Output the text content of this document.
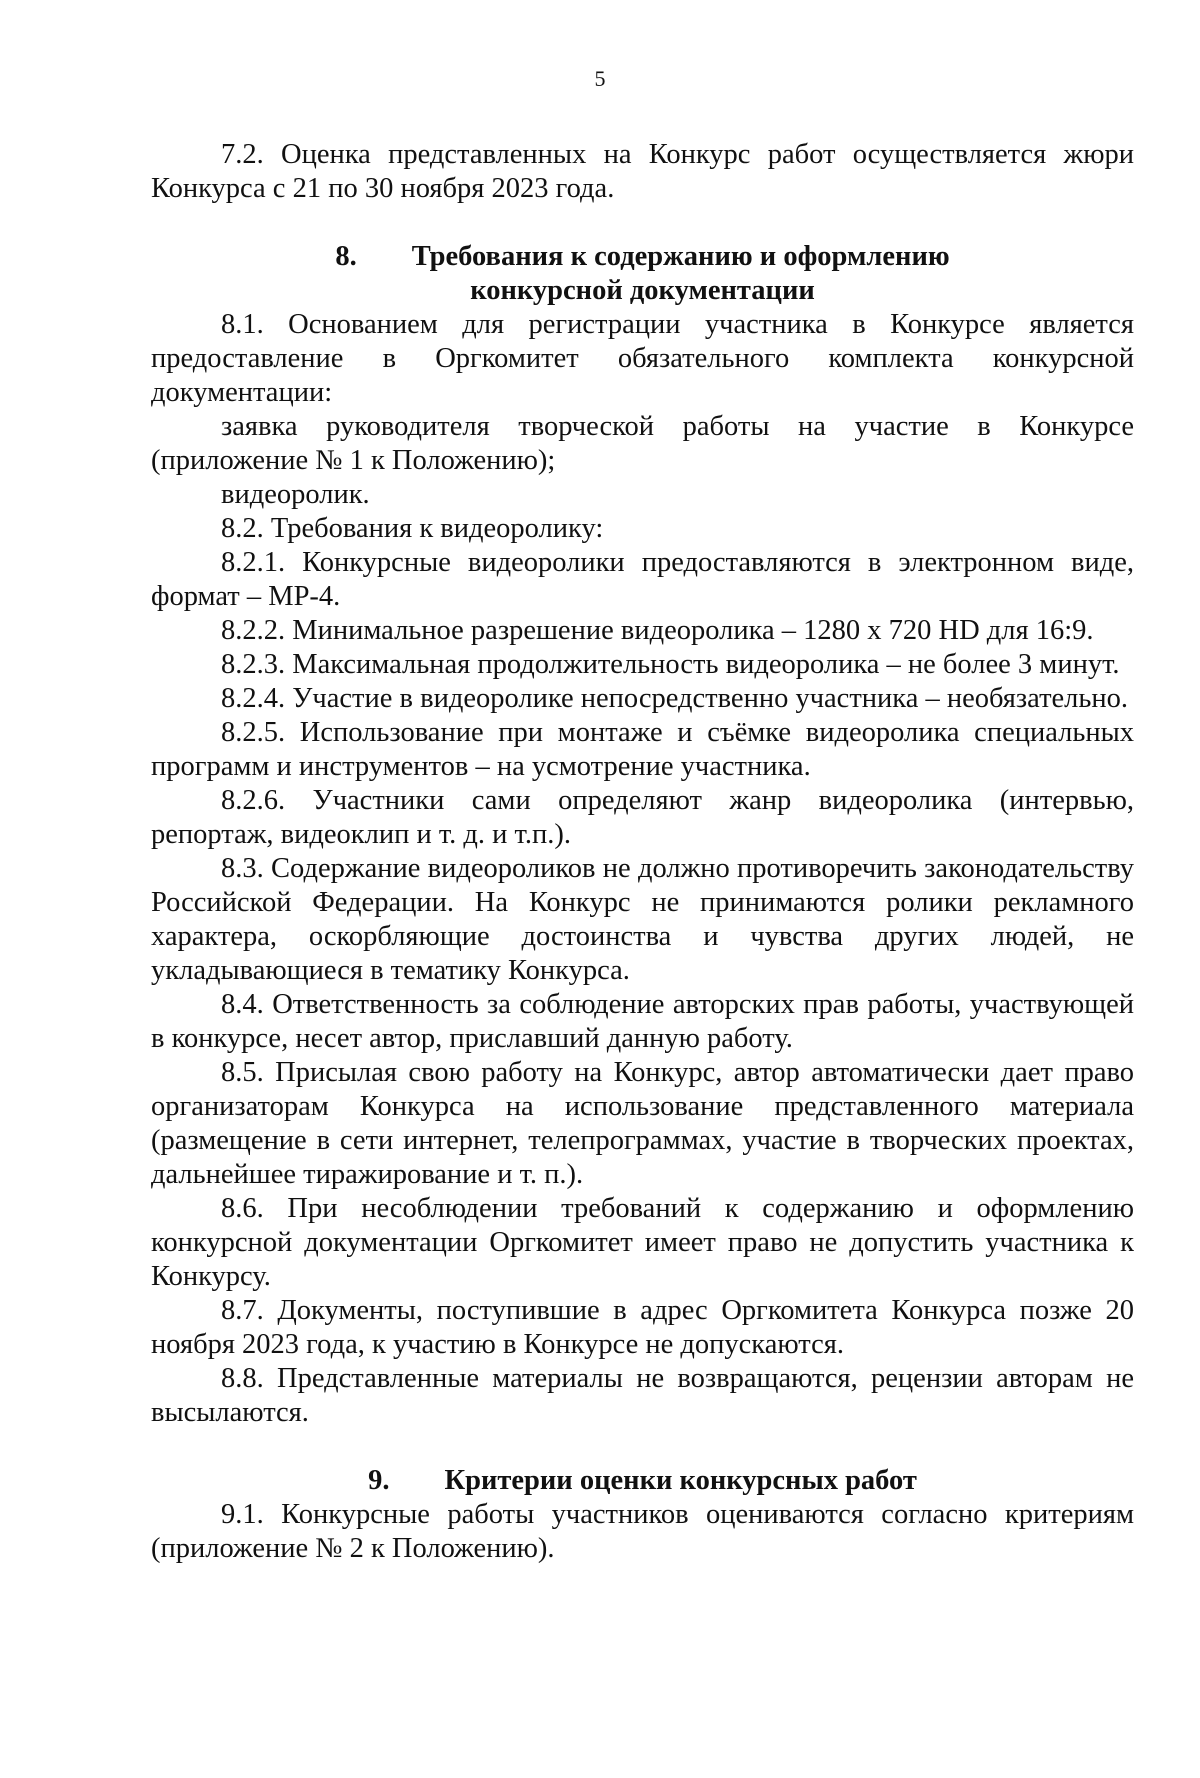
5

7.2. Оценка представленных на Конкурс работ осуществляется жюри Конкурса с 21 по 30 ноября 2023 года.

8. Требования к содержанию и оформлению

конкурсной документации

8.1. Основанием для регистрации участника в Конкурсе является предоставление в Оргкомитет обязательного комплекта конкурсной документации:

заявка руководителя творческой работы на участие в Конкурсе (приложение № 1 к Положению);

видеоролик.

8.2. Требования к видеоролику:

8.2.1. Конкурсные видеоролики предоставляются в электронном виде, формат – МР-4.

8.2.2. Минимальное разрешение видеоролика – 1280 х 720 HD для 16:9.

8.2.3. Максимальная продолжительность видеоролика – не более 3 минут.

8.2.4. Участие в видеоролике непосредственно участника – необязательно.

8.2.5. Использование при монтаже и съёмке видеоролика специальных программ и инструментов – на усмотрение участника.

8.2.6. Участники сами определяют жанр видеоролика (интервью, репортаж, видеоклип и т. д. и т.п.).

8.3. Содержание видеороликов не должно противоречить законодательству Российской Федерации. На Конкурс не принимаются ролики рекламного характера, оскорбляющие достоинства и чувства других людей, не укладывающиеся в тематику Конкурса.

8.4. Ответственность за соблюдение авторских прав работы, участвующей в конкурсе, несет автор, приславший данную работу.

8.5. Присылая свою работу на Конкурс, автор автоматически дает право организаторам Конкурса на использование представленного материала (размещение в сети интернет, телепрограммах, участие в творческих проектах, дальнейшее тиражирование и т. п.).

8.6. При несоблюдении требований к содержанию и оформлению конкурсной документации Оргкомитет имеет право не допустить участника к Конкурсу.

8.7. Документы, поступившие в адрес Оргкомитета Конкурса позже 20 ноября 2023 года, к участию в Конкурсе не допускаются.

8.8. Представленные материалы не возвращаются, рецензии авторам не высылаются.

9. Критерии оценки конкурсных работ

9.1. Конкурсные работы участников оцениваются согласно критериям (приложение № 2 к Положению).
